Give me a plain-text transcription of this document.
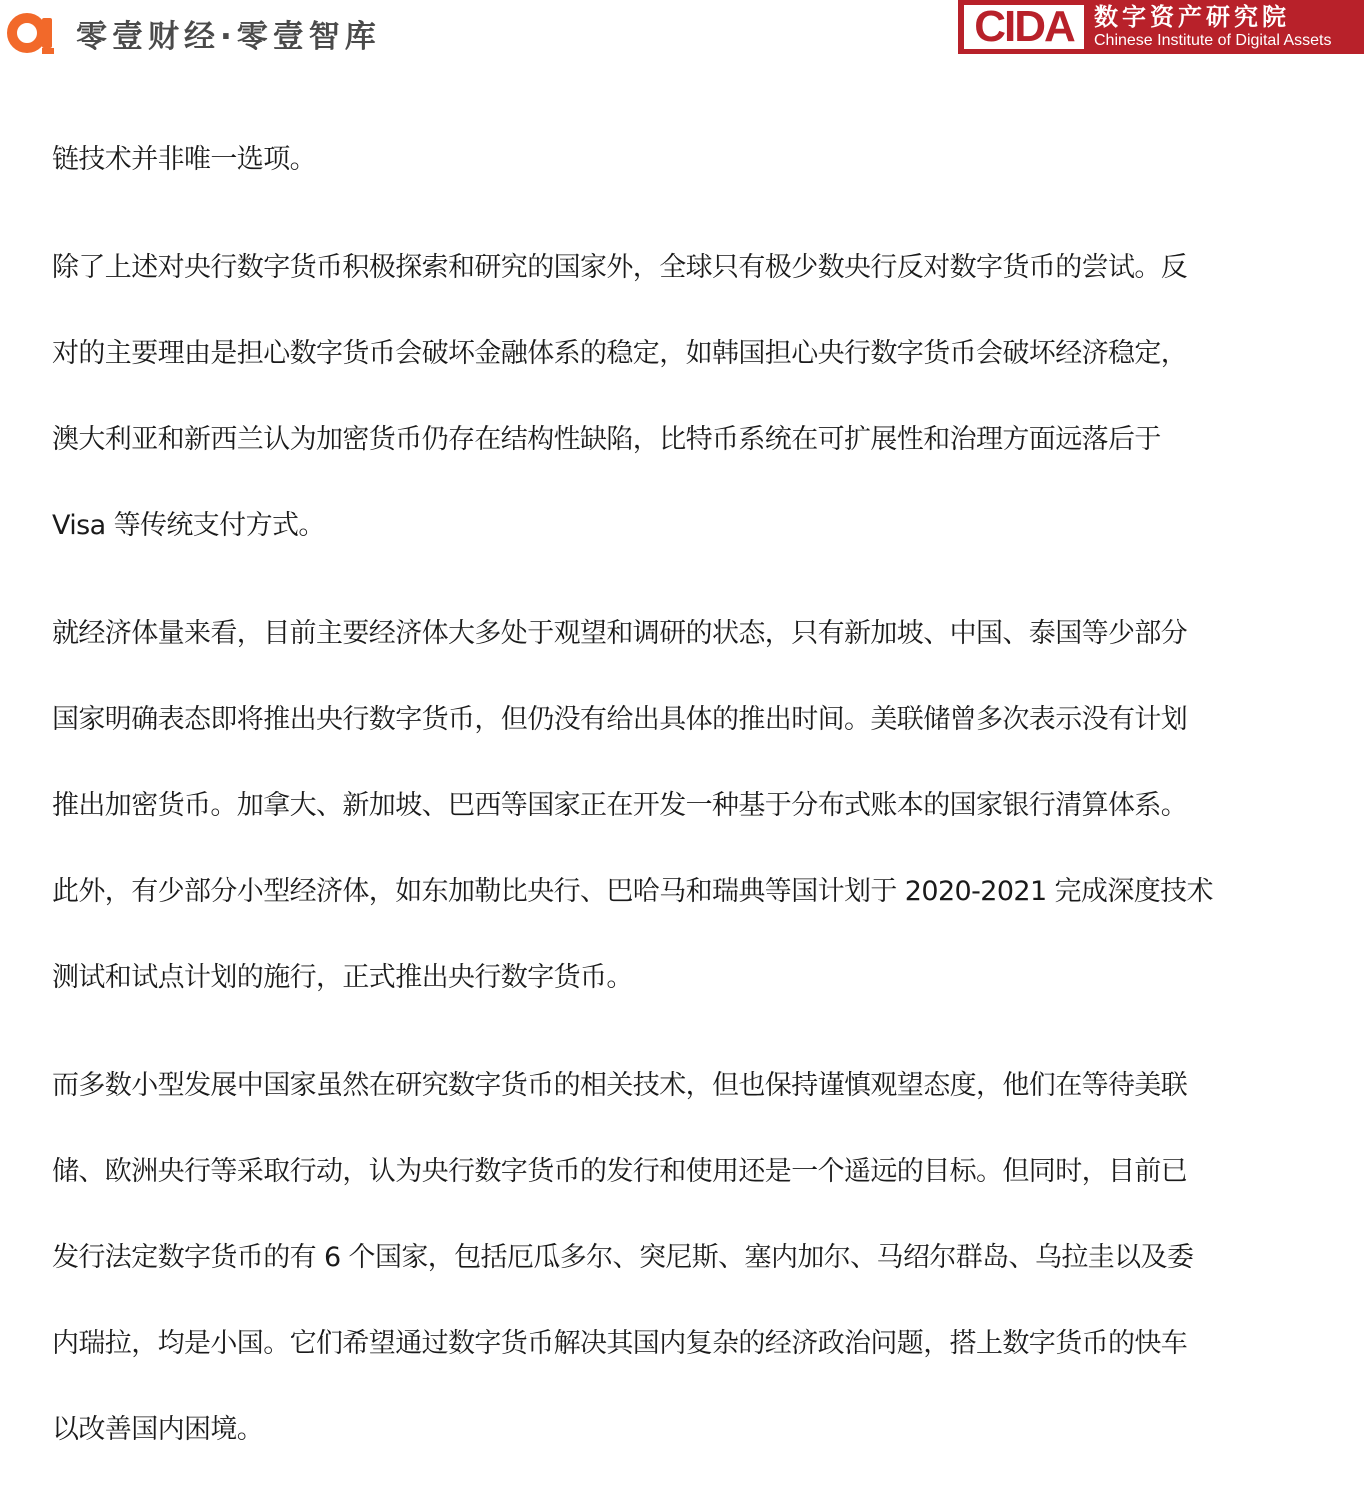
零壹财经·零壹智库	CIDA 数字资产研究院
Chinese Institute of Digital Assets
链技术并非唯一选项。
除了上述对央行数字货币积极探索和研究的国家外，全球只有极少数央行反对数字货币的尝试。反
对的主要理由是担心数字货币会破坏金融体系的稳定，如韩国担心央行数字货币会破坏经济稳定，
澳大利亚和新西兰认为加密货币仍存在结构性缺陷，比特币系统在可扩展性和治理方面远落后于
Visa 等传统支付方式。
就经济体量来看，目前主要经济体大多处于观望和调研的状态，只有新加坡、中国、泰国等少部分
国家明确表态即将推出央行数字货币，但仍没有给出具体的推出时间。美联储曾多次表示没有计划
推出加密货币。加拿大、新加坡、巴西等国家正在开发一种基于分布式账本的国家银行清算体系。
此外，有少部分小型经济体，如东加勒比央行、巴哈马和瑞典等国计划于 2020-2021 完成深度技术
测试和试点计划的施行，正式推出央行数字货币。
而多数小型发展中国家虽然在研究数字货币的相关技术，但也保持谨慎观望态度，他们在等待美联
储、欧洲央行等采取行动，认为央行数字货币的发行和使用还是一个遥远的目标。但同时，目前已
发行法定数字货币的有 6 个国家，包括厄瓜多尔、突尼斯、塞内加尔、马绍尔群岛、乌拉圭以及委
内瑞拉，均是小国。它们希望通过数字货币解决其国内复杂的经济政治问题，搭上数字货币的快车
以改善国内困境。
